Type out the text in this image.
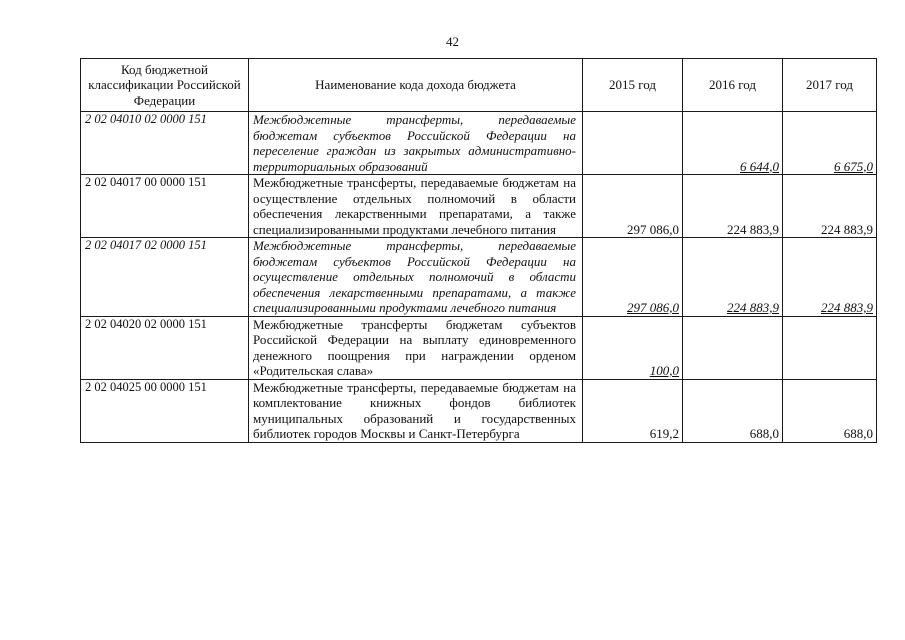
42
Код бюджетной классификации Российской Федерации	Наименование кода дохода бюджета	2015 год	2016 год	2017 год
2 02 04010 02 0000 151	Межбюджетные трансферты, передаваемые бюджетам субъектов Российской Федерации на переселение граждан из закрытых административно-территориальных образований		6 644,0	6 675,0
2 02 04017 00 0000 151	Межбюджетные трансферты, передаваемые бюджетам на осуществление отдельных полномочий в области обеспечения лекарственными препаратами, а также специализированными продуктами лечебного питания	297 086,0	224 883,9	224 883,9
2 02 04017 02 0000 151	Межбюджетные трансферты, передаваемые бюджетам субъектов Российской Федерации на осуществление отдельных полномочий в области обеспечения лекарственными препаратами, а также специализированными продуктами лечебного питания	297 086,0	224 883,9	224 883,9
2 02 04020 02 0000 151	Межбюджетные трансферты бюджетам субъектов Российской Федерации на выплату единовременного денежного поощрения при награждении орденом «Родительская слава»	100,0		
2 02 04025 00 0000 151	Межбюджетные трансферты, передаваемые бюджетам на комплектование книжных фондов библиотек муниципальных образований и государственных библиотек городов Москвы и Санкт-Петербурга	619,2	688,0	688,0
